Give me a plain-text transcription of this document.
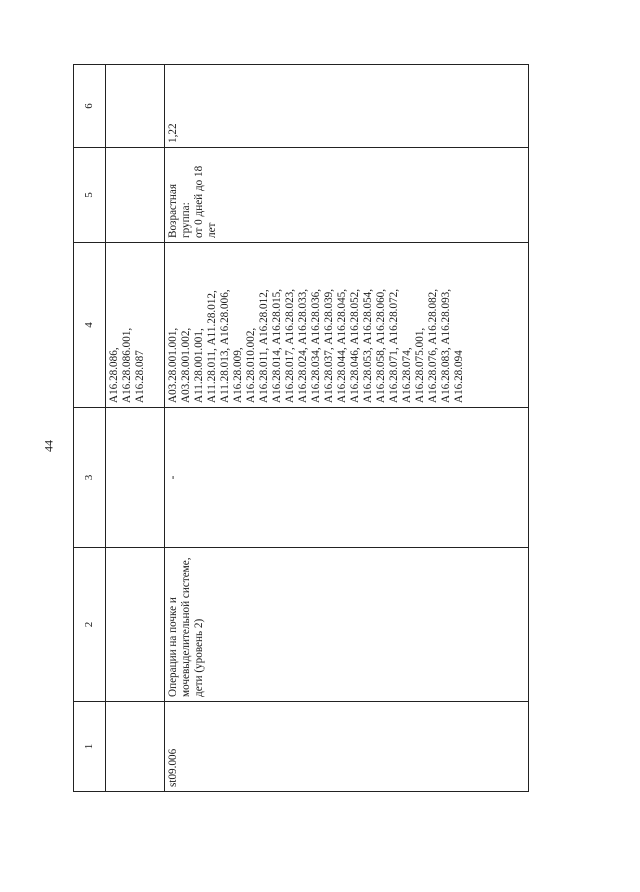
44
1
2
3
4
5
6
А16.28.086,
А16.28.086.001,
А16.28.087
st09.006
Операции на почке и мочевыделительной системе, дети (уровень 2)
-
А03.28.001.001,
А03.28.001.002,
А11.28.001.001,
А11.28.011, А11.28.012,
А11.28.013, А16.28.006,
А16.28.009,
А16.28.010.002,
А16.28.011, А16.28.012,
А16.28.014, А16.28.015,
А16.28.017, А16.28.023,
А16.28.024, А16.28.033,
А16.28.034, А16.28.036,
А16.28.037, А16.28.039,
А16.28.044, А16.28.045,
А16.28.046, А16.28.052,
А16.28.053, А16.28.054,
А16.28.058, А16.28.060,
А16.28.071, А16.28.072,
А16.28.074,
А16.28.075.001,
А16.28.076, А16.28.082,
А16.28.083, А16.28.093,
А16.28.094
Возрастная группа:
от 0 дней до 18 лет
1,22
